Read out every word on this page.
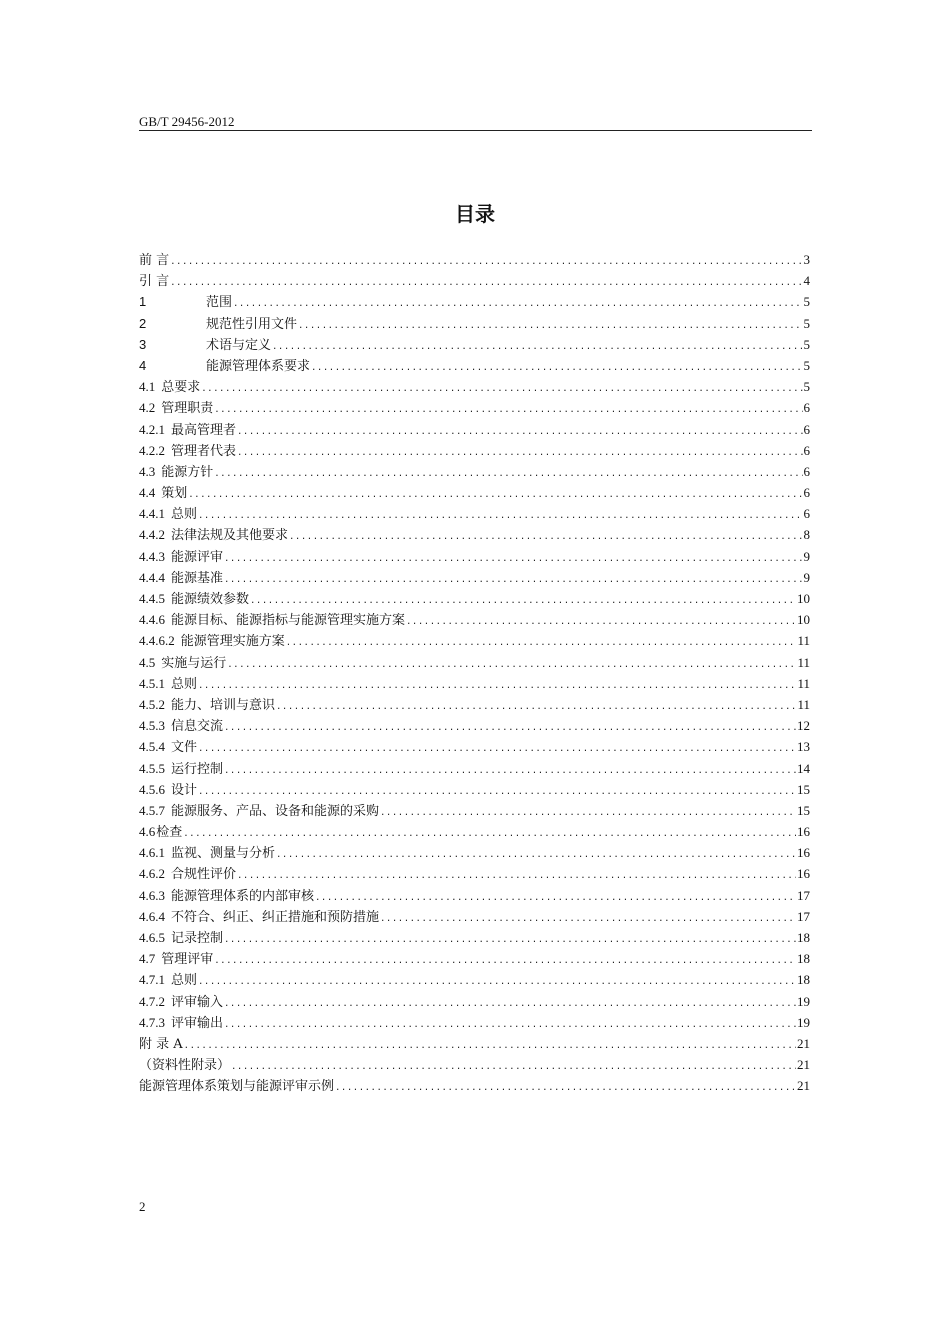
GB/T 29456-2012
目录
前 言 .....	3
引 言 .....	4
1	范围 .....	5
2	规范性引用文件 .....	5
3	术语与定义 .....	5
4	能源管理体系要求 .....	5
4.1 总要求 .....	5
4.2 管理职责 .....	6
4.2.1 最高管理者 .....	6
4.2.2 管理者代表 .....	6
4.3 能源方针 .....	6
4.4 策划 .....	6
4.4.1 总则 .....	6
4.4.2 法律法规及其他要求 .....	8
4.4.3 能源评审 .....	9
4.4.4 能源基准 .....	9
4.4.5 能源绩效参数 .....	10
4.4.6 能源目标、能源指标与能源管理实施方案 .....	10
4.4.6.2 能源管理实施方案 .....	11
4.5 实施与运行 .....	11
4.5.1 总则 .....	11
4.5.2 能力、培训与意识 .....	11
4.5.3 信息交流 .....	12
4.5.4 文件 .....	13
4.5.5 运行控制 .....	14
4.5.6 设计 .....	15
4.5.7 能源服务、产品、设备和能源的采购 .....	15
4.6 检查 .....	16
4.6.1 监视、测量与分析 .....	16
4.6.2 合规性评价 .....	16
4.6.3 能源管理体系的内部审核 .....	17
4.6.4 不符合、纠正、纠正措施和预防措施 .....	17
4.6.5 记录控制 .....	18
4.7 管理评审 .....	18
4.7.1 总则 .....	18
4.7.2 评审输入 .....	19
4.7.3 评审输出 .....	19
附 录 A .....	21
（资料性附录） .....	21
能源管理体系策划与能源评审示例 .....	21
2
